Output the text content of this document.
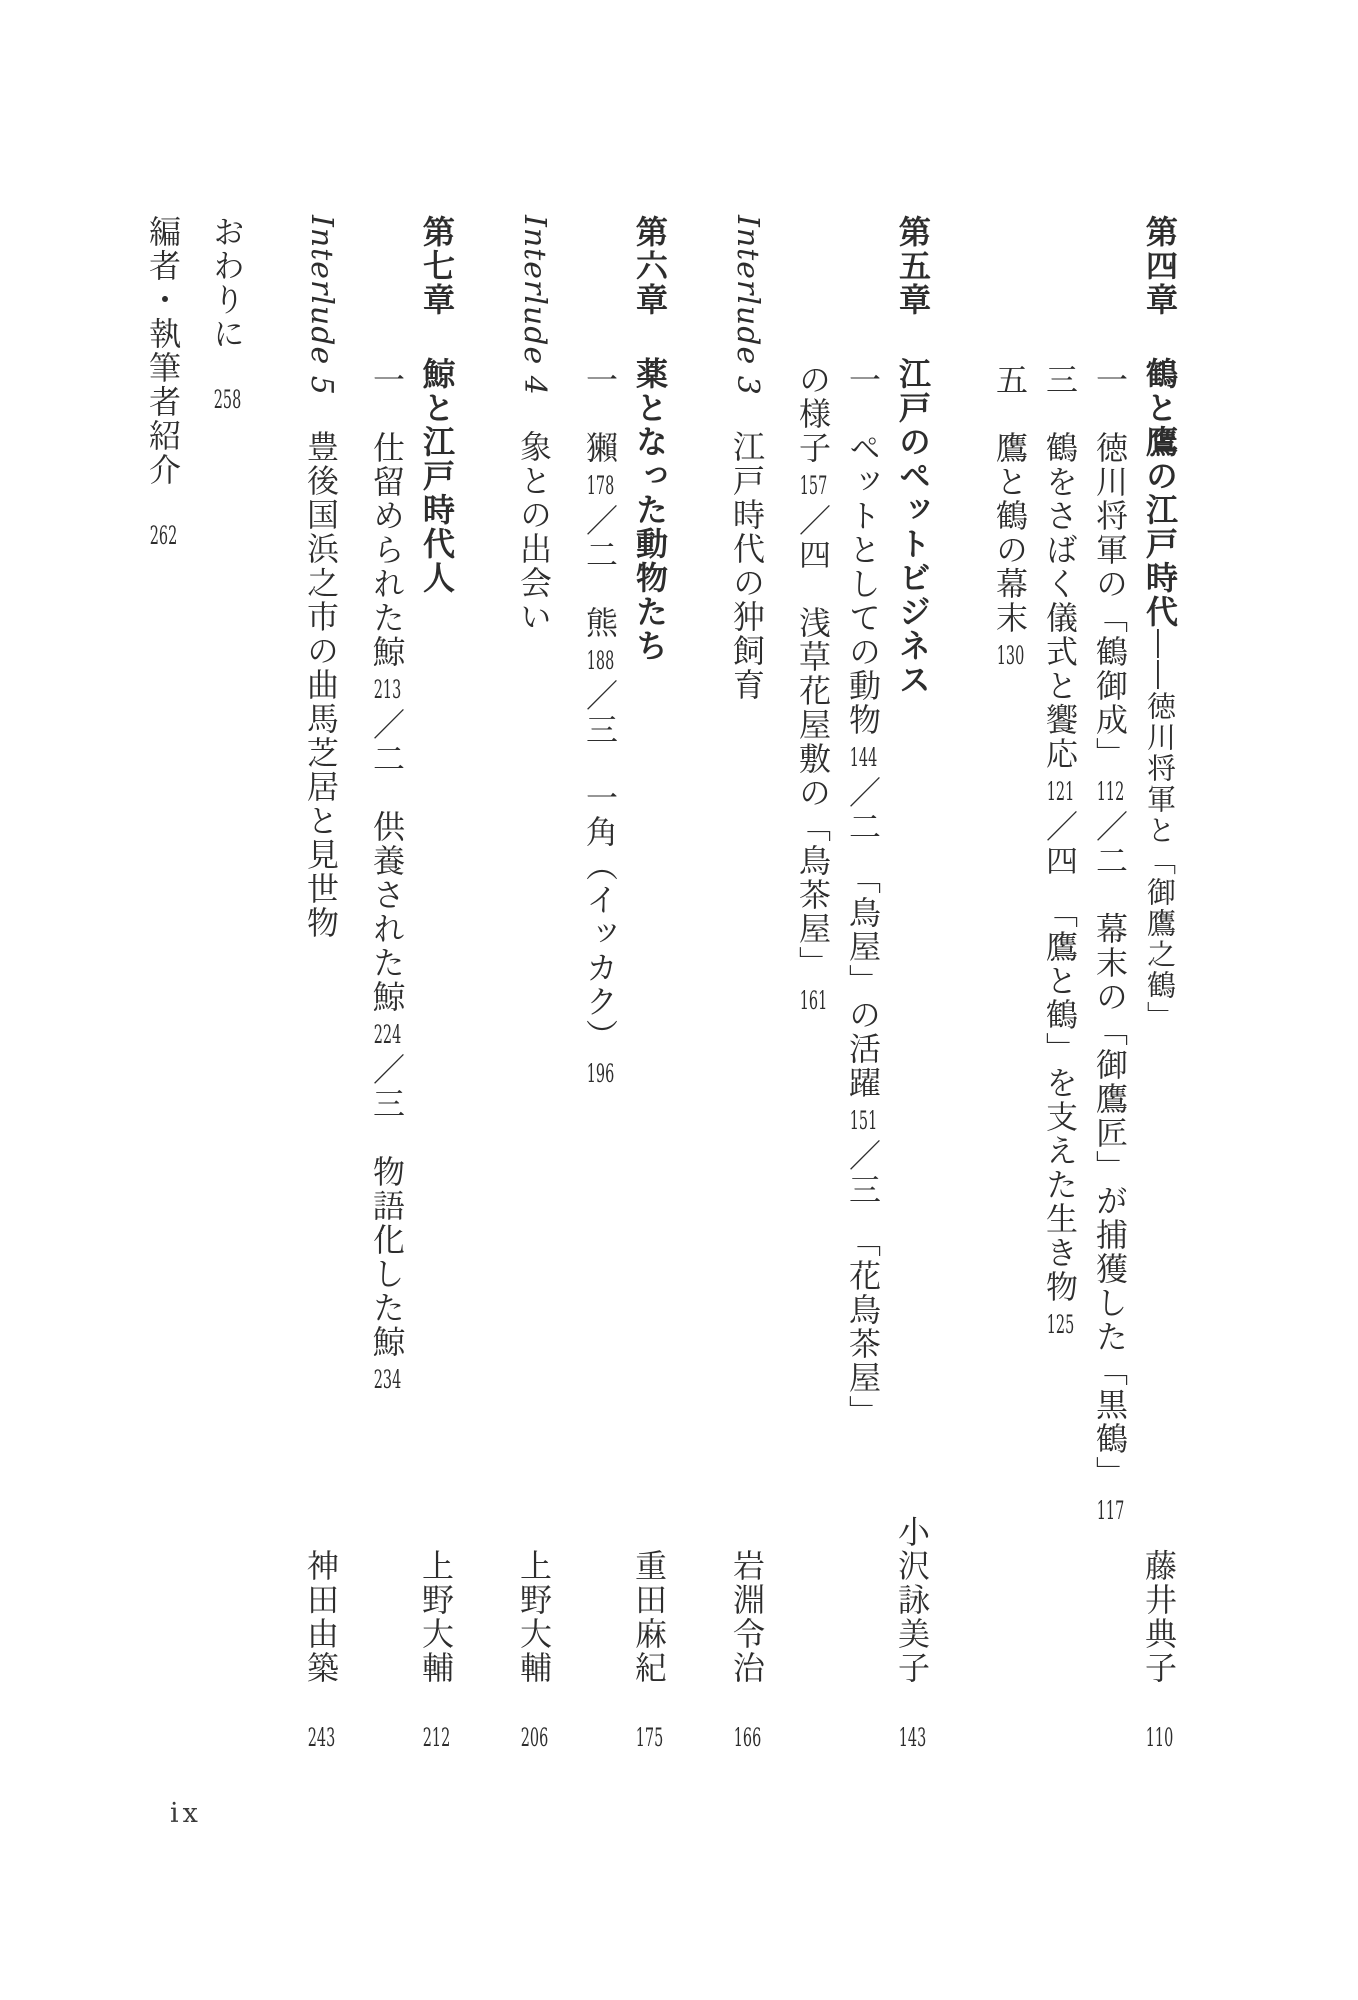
第四章鶴と鷹の江戸時代――徳川将軍と「御鷹之鶴」
藤井典子110
一　徳川将軍の「鶴御成」112／二　幕末の「御鷹匠」が捕獲した「黒鶴」117
三　鶴をさばく儀式と饗応121／四　「鷹と鶴」を支えた生き物125
五　鷹と鶴の幕末130
第五章江戸のペットビジネス
小沢詠美子143
一　ペットとしての動物144／二　「鳥屋」の活躍151／三　「花鳥茶屋」
の様子157／四　浅草花屋敷の「鳥茶屋」161
Interlude 3江戸時代の狆飼育
岩淵令治166
第六章薬となった動物たち
重田麻紀175
一　獺178／二　熊188／三　一角（イッカク）196
Interlude 4象との出会い
上野大輔206
第七章鯨と江戸時代人
上野大輔212
一　仕留められた鯨213／二　供養された鯨224／三　物語化した鯨234
Interlude 5豊後国浜之市の曲馬芝居と見世物
神田由築243
おわりに258
編者・執筆者紹介262
ix
